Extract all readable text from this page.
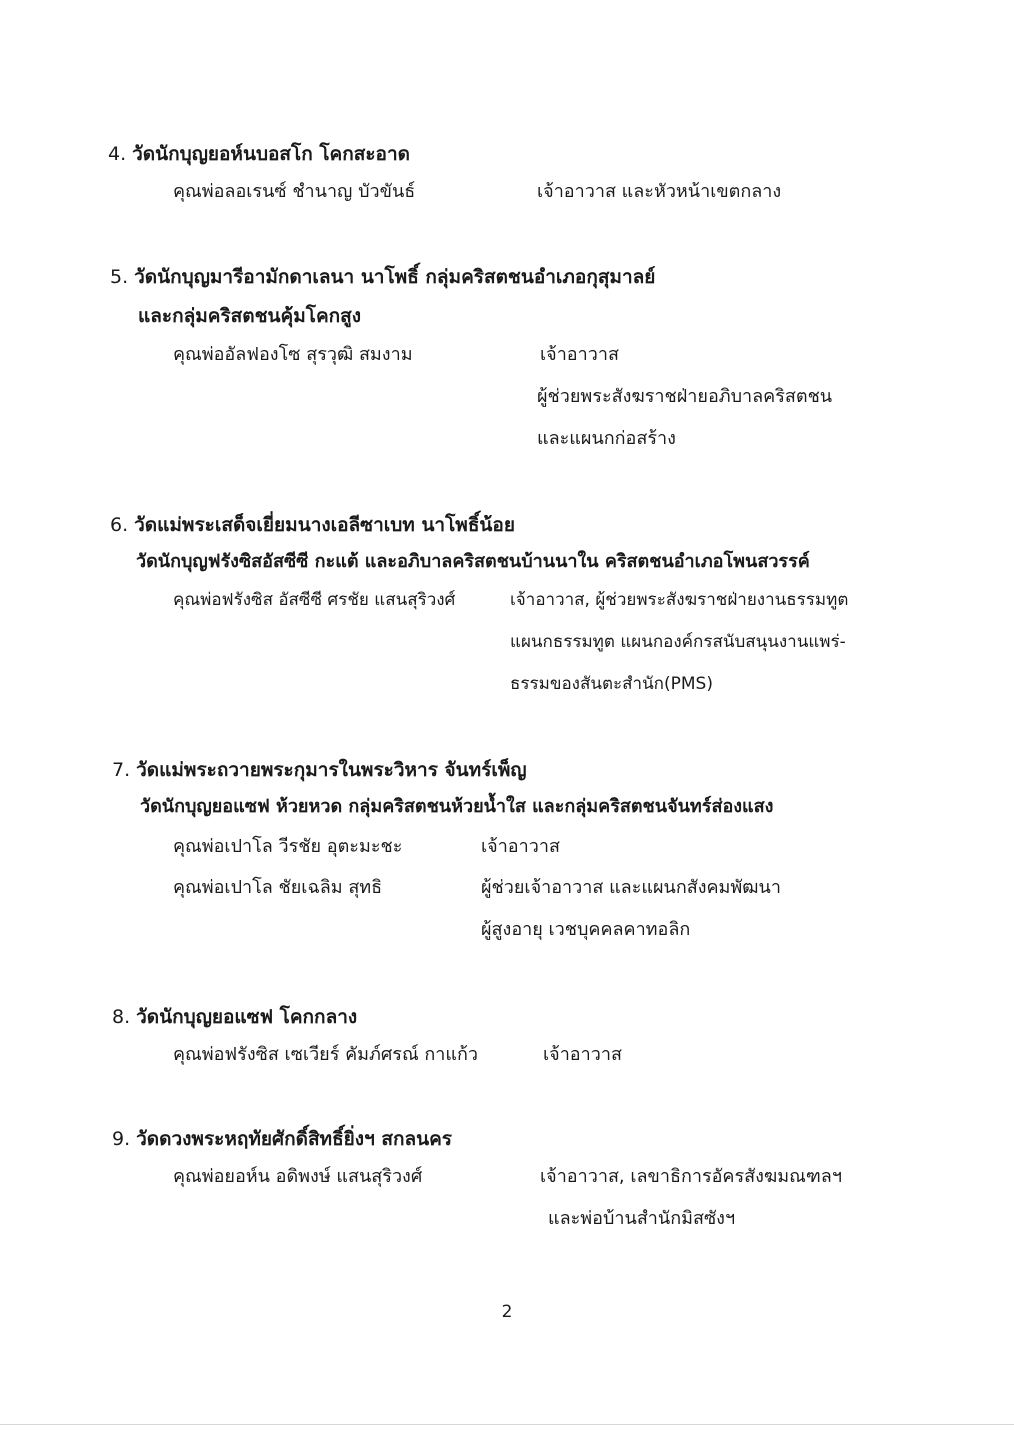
4. วัดนักบุญยอห์นบอสโก โคกสะอาด
คุณพ่อลอเรนซ์ ชำนาญ บัวขันธ์	เจ้าอาวาส และหัวหน้าเขตกลาง
5. วัดนักบุญมารีอามักดาเลนา นาโพธิ์ กลุ่มคริสตชนอำเภอกุสุมาลย์
และกลุ่มคริสตชนคุ้มโคกสูง
คุณพ่ออัลฟองโซ สุรวุฒิ สมงาม	เจ้าอาวาส
ผู้ช่วยพระสังฆราชฝ่ายอภิบาลคริสตชน
และแผนกก่อสร้าง
6. วัดแม่พระเสด็จเยี่ยมนางเอลีซาเบท นาโพธิ์น้อย
วัดนักบุญฟรังซิสอัสซีซี กะแต้ และอภิบาลคริสตชนบ้านนาใน คริสตชนอำเภอโพนสวรรค์
คุณพ่อฟรังซิส อัสซีซี ศรชัย แสนสุริวงศ์	เจ้าอาวาส, ผู้ช่วยพระสังฆราชฝ่ายงานธรรมทูต
แผนกธรรมทูต แผนกองค์กรสนับสนุนงานแพร่-
ธรรมของสันตะสำนัก(PMS)
7. วัดแม่พระถวายพระกุมารในพระวิหาร จันทร์เพ็ญ
วัดนักบุญยอแซฟ ห้วยหวด กลุ่มคริสตชนห้วยน้ำใส และกลุ่มคริสตชนจันทร์ส่องแสง
คุณพ่อเปาโล วีรชัย อุตะมะชะ	เจ้าอาวาส
คุณพ่อเปาโล ชัยเฉลิม สุทธิ	ผู้ช่วยเจ้าอาวาส และแผนกสังคมพัฒนา
ผู้สูงอายุ เวชบุคคลคาทอลิก
8. วัดนักบุญยอแซฟ โคกกลาง
คุณพ่อฟรังซิส เซเวียร์ คัมภ์ศรณ์ กาแก้ว	เจ้าอาวาส
9. วัดดวงพระหฤทัยศักดิ์สิทธิ์ยิ่งฯ สกลนคร
คุณพ่อยอห์น อดิพงษ์ แสนสุริวงศ์	เจ้าอาวาส, เลขาธิการอัครสังฆมณฑลฯ
และพ่อบ้านสำนักมิสซังฯ
2
